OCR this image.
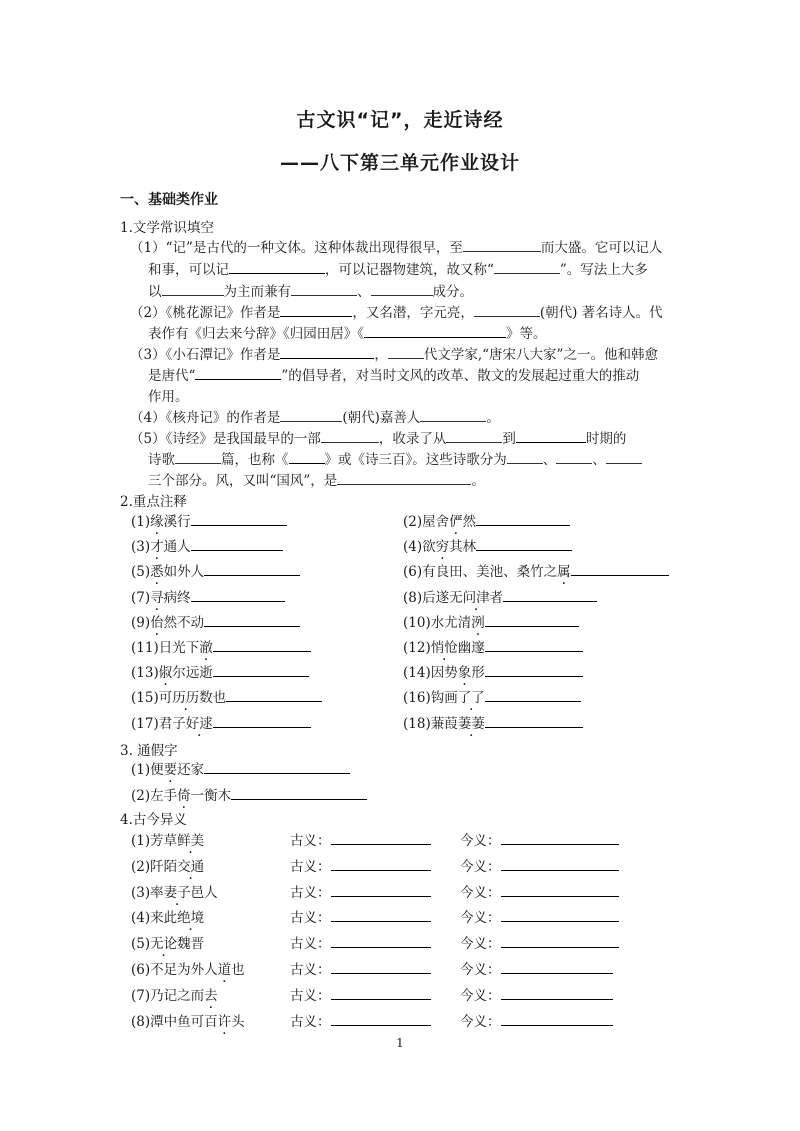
古文识“记”，走近诗经
——八下第三单元作业设计
一、基础类作业
1.文学常识填空
（1）“记”是古代的一种文体。这种体裁出现得很早，至	而大盛。它可以记人
和事，可以记	，可以记器物建筑，故又称“	”。写法上大多
以	为主而兼有	、	成分。
（2）《桃花源记》作者是	，又名潜，字元亮，	(朝代) 著名诗人。代
表作有《归去来兮辞》《归园田居》《	》等。
（3）《小石潭记》作者是	，	代文学家,“唐宋八大家”之一。他和韩愈
是唐代“	”的倡导者，对当时文风的改革、散文的发展起过重大的推动
作用。
（4）《核舟记》的作者是	(朝代)嘉善人	。
（5）《诗经》是我国最早的一部	，收录了从	到	时期的
诗歌	篇，也称《	》或《诗三百》。这些诗歌分为	、	、
三个部分。风，又叫“国风”，是	。
2.重点注释
(1)缘溪行	(2)屋舍俨然
(3)才通人	(4)欲穷其林
(5)悉如外人	(6)有良田、美池、桑竹之属
(7)寻病终	(8)后遂无问津者
(9)佁然不动	(10)水尤清洌
(11)日光下澈	(12)悄怆幽邃
(13)俶尔远逝	(14)因势象形
(15)可历历数也	(16)钩画了了
(17)君子好逑	(18)蒹葭萋萋
3. 通假字
(1)便要还家
(2)左手倚一衡木
4.古今异义
(1)芳草鲜美	古义：	今义：
(2)阡陌交通	古义：	今义：
(3)率妻子邑人	古义：	今义：
(4)来此绝境	古义：	今义：
(5)无论魏晋	古义：	今义：
(6)不足为外人道也	古义：	今义：
(7)乃记之而去	古义：	今义：
(8)潭中鱼可百许头	古义：	今义：
1
